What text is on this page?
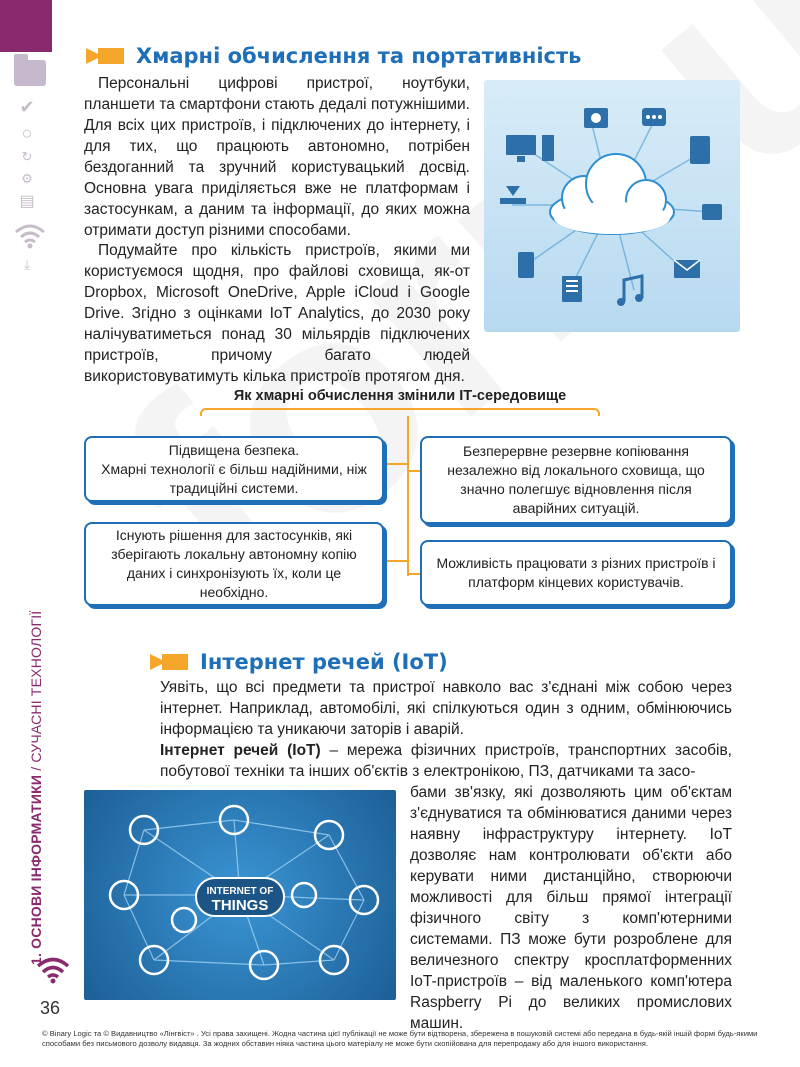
✔
○
↻
⚙
▤
⤓
1. ОСНОВИ ІНФОРМАТИКИ / СУЧАСНІ ТЕХНОЛОГІЇ
36
Хмарні обчислення та портативність
Персональні цифрові пристрої, ноутбуки, планшети та смартфони стають дедалі потужнішими. Для всіх цих пристроїв, і підключених до інтернету, і для тих, що працюють автономно, потрібен бездоганний та зручний користувацький досвід. Основна увага приділяється вже не платформам і застосункам, а даним та інформації, до яких можна отримати доступ різними способами.
Подумайте про кількість пристроїв, якими ми користуємося щодня, про файлові сховища, як-от Dropbox, Microsoft OneDrive, Apple iCloud і Google Drive. Згідно з оцінками IoT Analytics, до 2030 року налічуватиметься понад 30 мільярдів підключених пристроїв, причому багато людей використовуватимуть кілька пристроїв протягом дня.
Як хмарні обчислення змінили ІТ-середовище
Підвищена безпека.
Хмарні технології є більш надійними, ніж традиційні системи.
Безперервне резервне копіювання незалежно від локального сховища, що значно полегшує відновлення після аварійних ситуацій.
Існують рішення для застосунків, які зберігають локальну автономну копію даних і синхронізують їх, коли це необхідно.
Можливість працювати з різних пристроїв і платформ кінцевих користувачів.
Інтернет речей (IoT)
Уявіть, що всі предмети та пристрої навколо вас з'єднані між собою через інтернет. Наприклад, автомобілі, які спілкуються один з одним, обмінюючись інформацією та уникаючи заторів і аварій.
Інтернет речей (IoT) – мережа фізичних пристроїв, транспортних засобів, побутової техніки та інших об'єктів з електронікою, ПЗ, датчиками та засо-
бами зв'язку, які дозволяють цим об'єктам з'єднуватися та обмінюватися даними через наявну інфраструктуру інтернету. IoT дозволяє нам контролювати об'єкти або керувати ними дистанційно, створюючи можливості для більш прямої інтеграції фізичного світу з комп'ютерними системами. ПЗ може бути розроблене для величезного спектру кросплатформенних IoT-пристроїв – від маленького комп'ютера Raspberry Pi до великих промислових машин.
INTERNET OF
THINGS
© Binary Logic та © Видавництво «Лінгвіст» . Усі права захищені. Жодна частина цієї публікації не може бути відтворена, збережена в пошуковій системі або передана в будь-якій іншій формі будь-якими способами без письмового дозволу видавця. За жодних обставин ніяка частина цього матеріалу не може бути скопійована для перепродажу або для іншого використання.
